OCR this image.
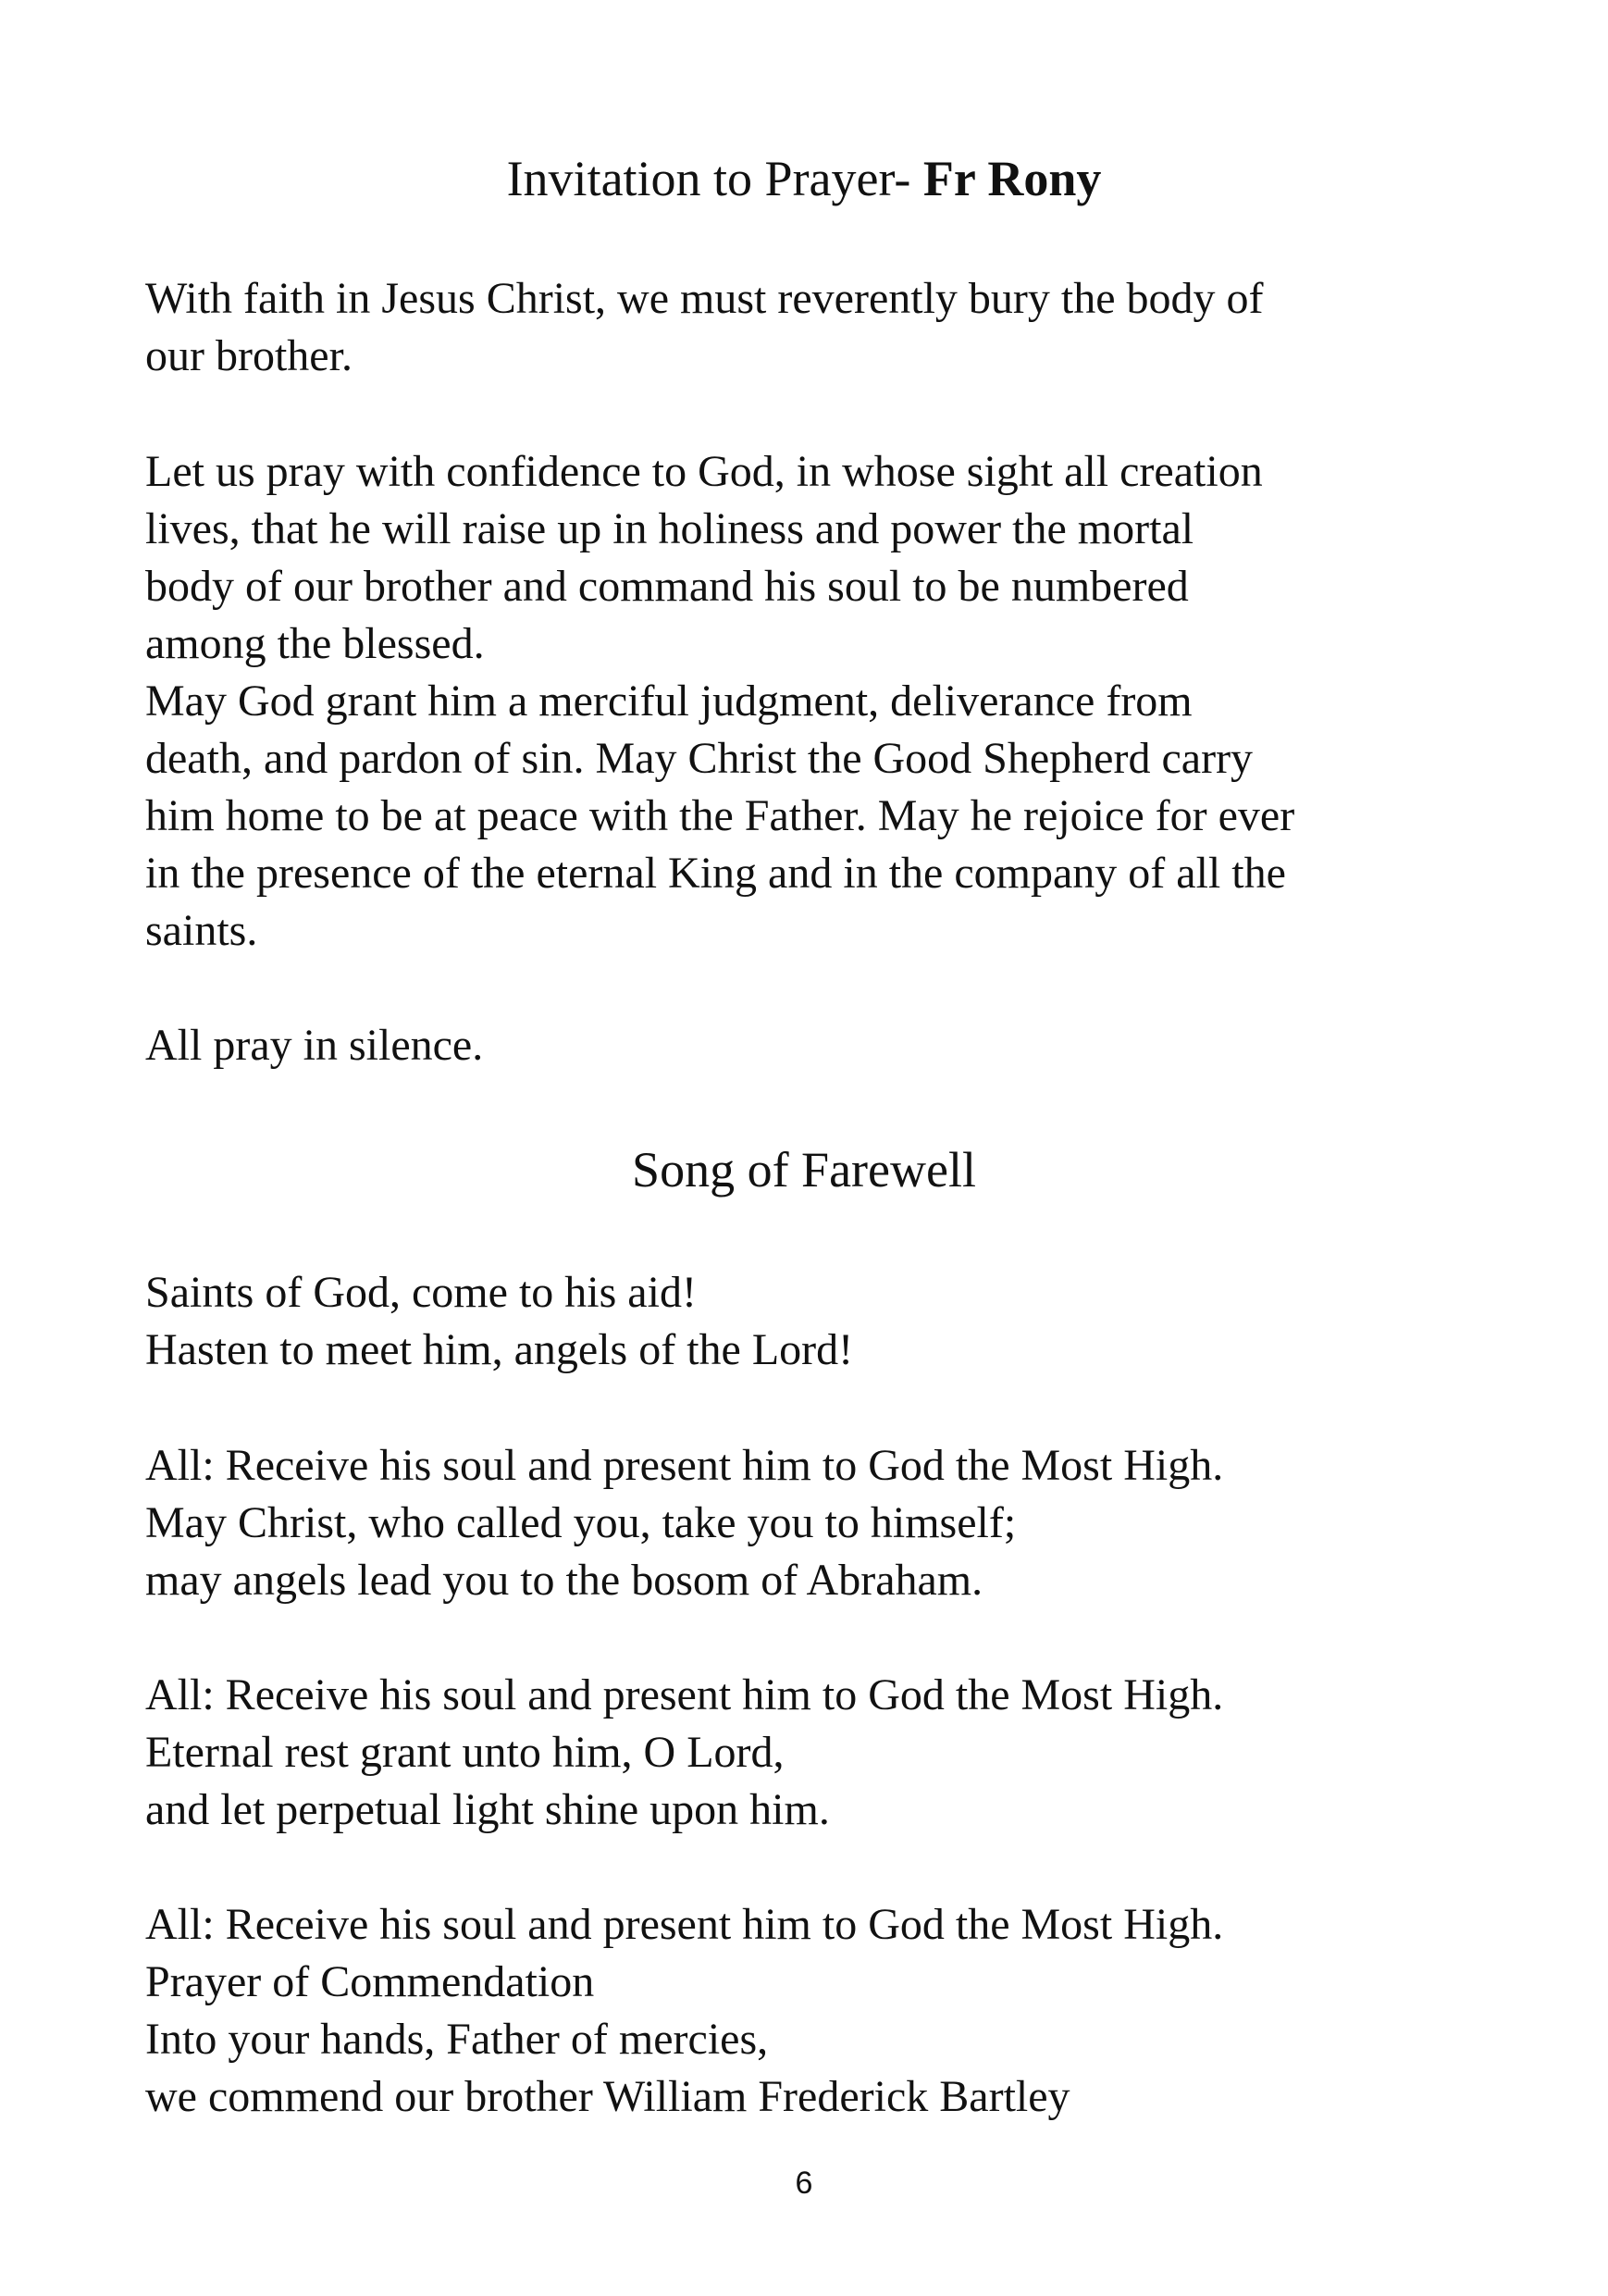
Invitation to Prayer- Fr Rony

With faith in Jesus Christ, we must reverently bury the body of

our brother.

Let us pray with confidence to God, in whose sight all creation

lives, that he will raise up in holiness and power the mortal

body of our brother and command his soul to be numbered

among the blessed.

May God grant him a merciful judgment, deliverance from

death, and pardon of sin. May Christ the Good Shepherd carry

him home to be at peace with the Father. May he rejoice for ever

in the presence of the eternal King and in the company of all the

saints.

All pray in silence.

Song of Farewell

Saints of God, come to his aid!

Hasten to meet him, angels of the Lord!

All: Receive his soul and present him to God the Most High.

May Christ, who called you, take you to himself;

may angels lead you to the bosom of Abraham.

All: Receive his soul and present him to God the Most High.

Eternal rest grant unto him, O Lord,

and let perpetual light shine upon him.

All: Receive his soul and present him to God the Most High.

Prayer of Commendation

Into your hands, Father of mercies,

we commend our brother William Frederick Bartley

6
